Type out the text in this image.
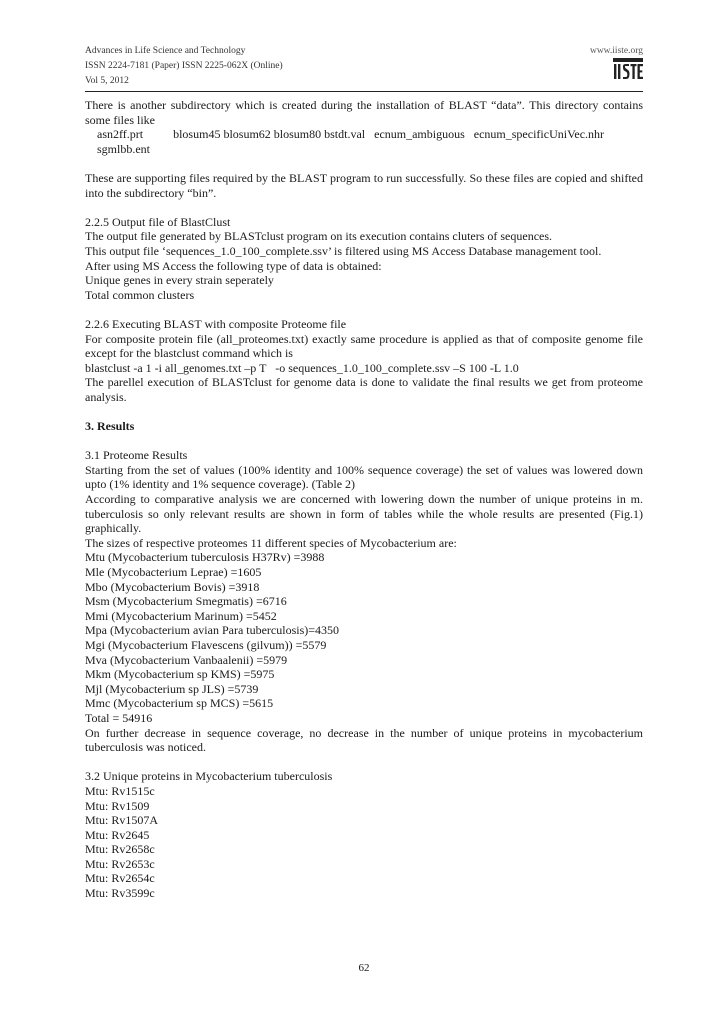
Advances in Life Science and Technology
ISSN 2224-7181 (Paper) ISSN 2225-062X (Online)
Vol 5, 2012
www.iiste.org

There is another subdirectory which is created during the installation of BLAST “data”. This directory contains some files like

asn2ff.prt          blosum45 blosum62 blosum80 bstdt.val   ecnum_ambiguous   ecnum_specificUniVec.nhr

sgmlbb.ent

These are supporting files required by the BLAST program to run successfully. So these files are copied and shifted into the subdirectory “bin”.

2.2.5 Output file of BlastClust

The output file generated by BLASTclust program on its execution contains cluters of sequences.

This output file ‘sequences_1.0_100_complete.ssv’ is filtered using MS Access Database management tool.

After using MS Access the following type of data is obtained:

Unique genes in every strain seperately

Total common clusters

2.2.6 Executing BLAST with composite Proteome file

For composite protein file (all_proteomes.txt) exactly same procedure is applied as that of composite genome file except for the blastclust command which is

blastclust -a 1 -i all_genomes.txt –p T   -o sequences_1.0_100_complete.ssv –S 100 -L 1.0

The parellel execution of BLASTclust for genome data is done to validate the final results we get from proteome analysis.

3. Results

3.1 Proteome Results

Starting from the set of values (100% identity and 100% sequence coverage) the set of values was lowered down upto (1% identity and 1% sequence coverage). (Table 2)

According to comparative analysis we are concerned with lowering down the number of unique proteins in m. tuberculosis so only relevant results are shown in form of tables while the whole results are presented (Fig.1) graphically.

The sizes of respective proteomes 11 different species of Mycobacterium are:

Mtu (Mycobacterium tuberculosis H37Rv) =3988

Mle (Mycobacterium Leprae) =1605

Mbo (Mycobacterium Bovis) =3918

Msm (Mycobacterium Smegmatis) =6716

Mmi (Mycobacterium Marinum) =5452

Mpa (Mycobacterium avian Para tuberculosis)=4350

Mgi (Mycobacterium Flavescens (gilvum)) =5579

Mva (Mycobacterium Vanbaalenii) =5979

Mkm (Mycobacterium sp KMS) =5975

Mjl (Mycobacterium sp JLS) =5739

Mmc (Mycobacterium sp MCS) =5615

Total = 54916

On further decrease in sequence coverage, no decrease in the number of unique proteins in mycobacterium tuberculosis was noticed.

3.2 Unique proteins in Mycobacterium tuberculosis

Mtu: Rv1515c

Mtu: Rv1509

Mtu: Rv1507A

Mtu: Rv2645

Mtu: Rv2658c

Mtu: Rv2653c

Mtu: Rv2654c

Mtu: Rv3599c

62
